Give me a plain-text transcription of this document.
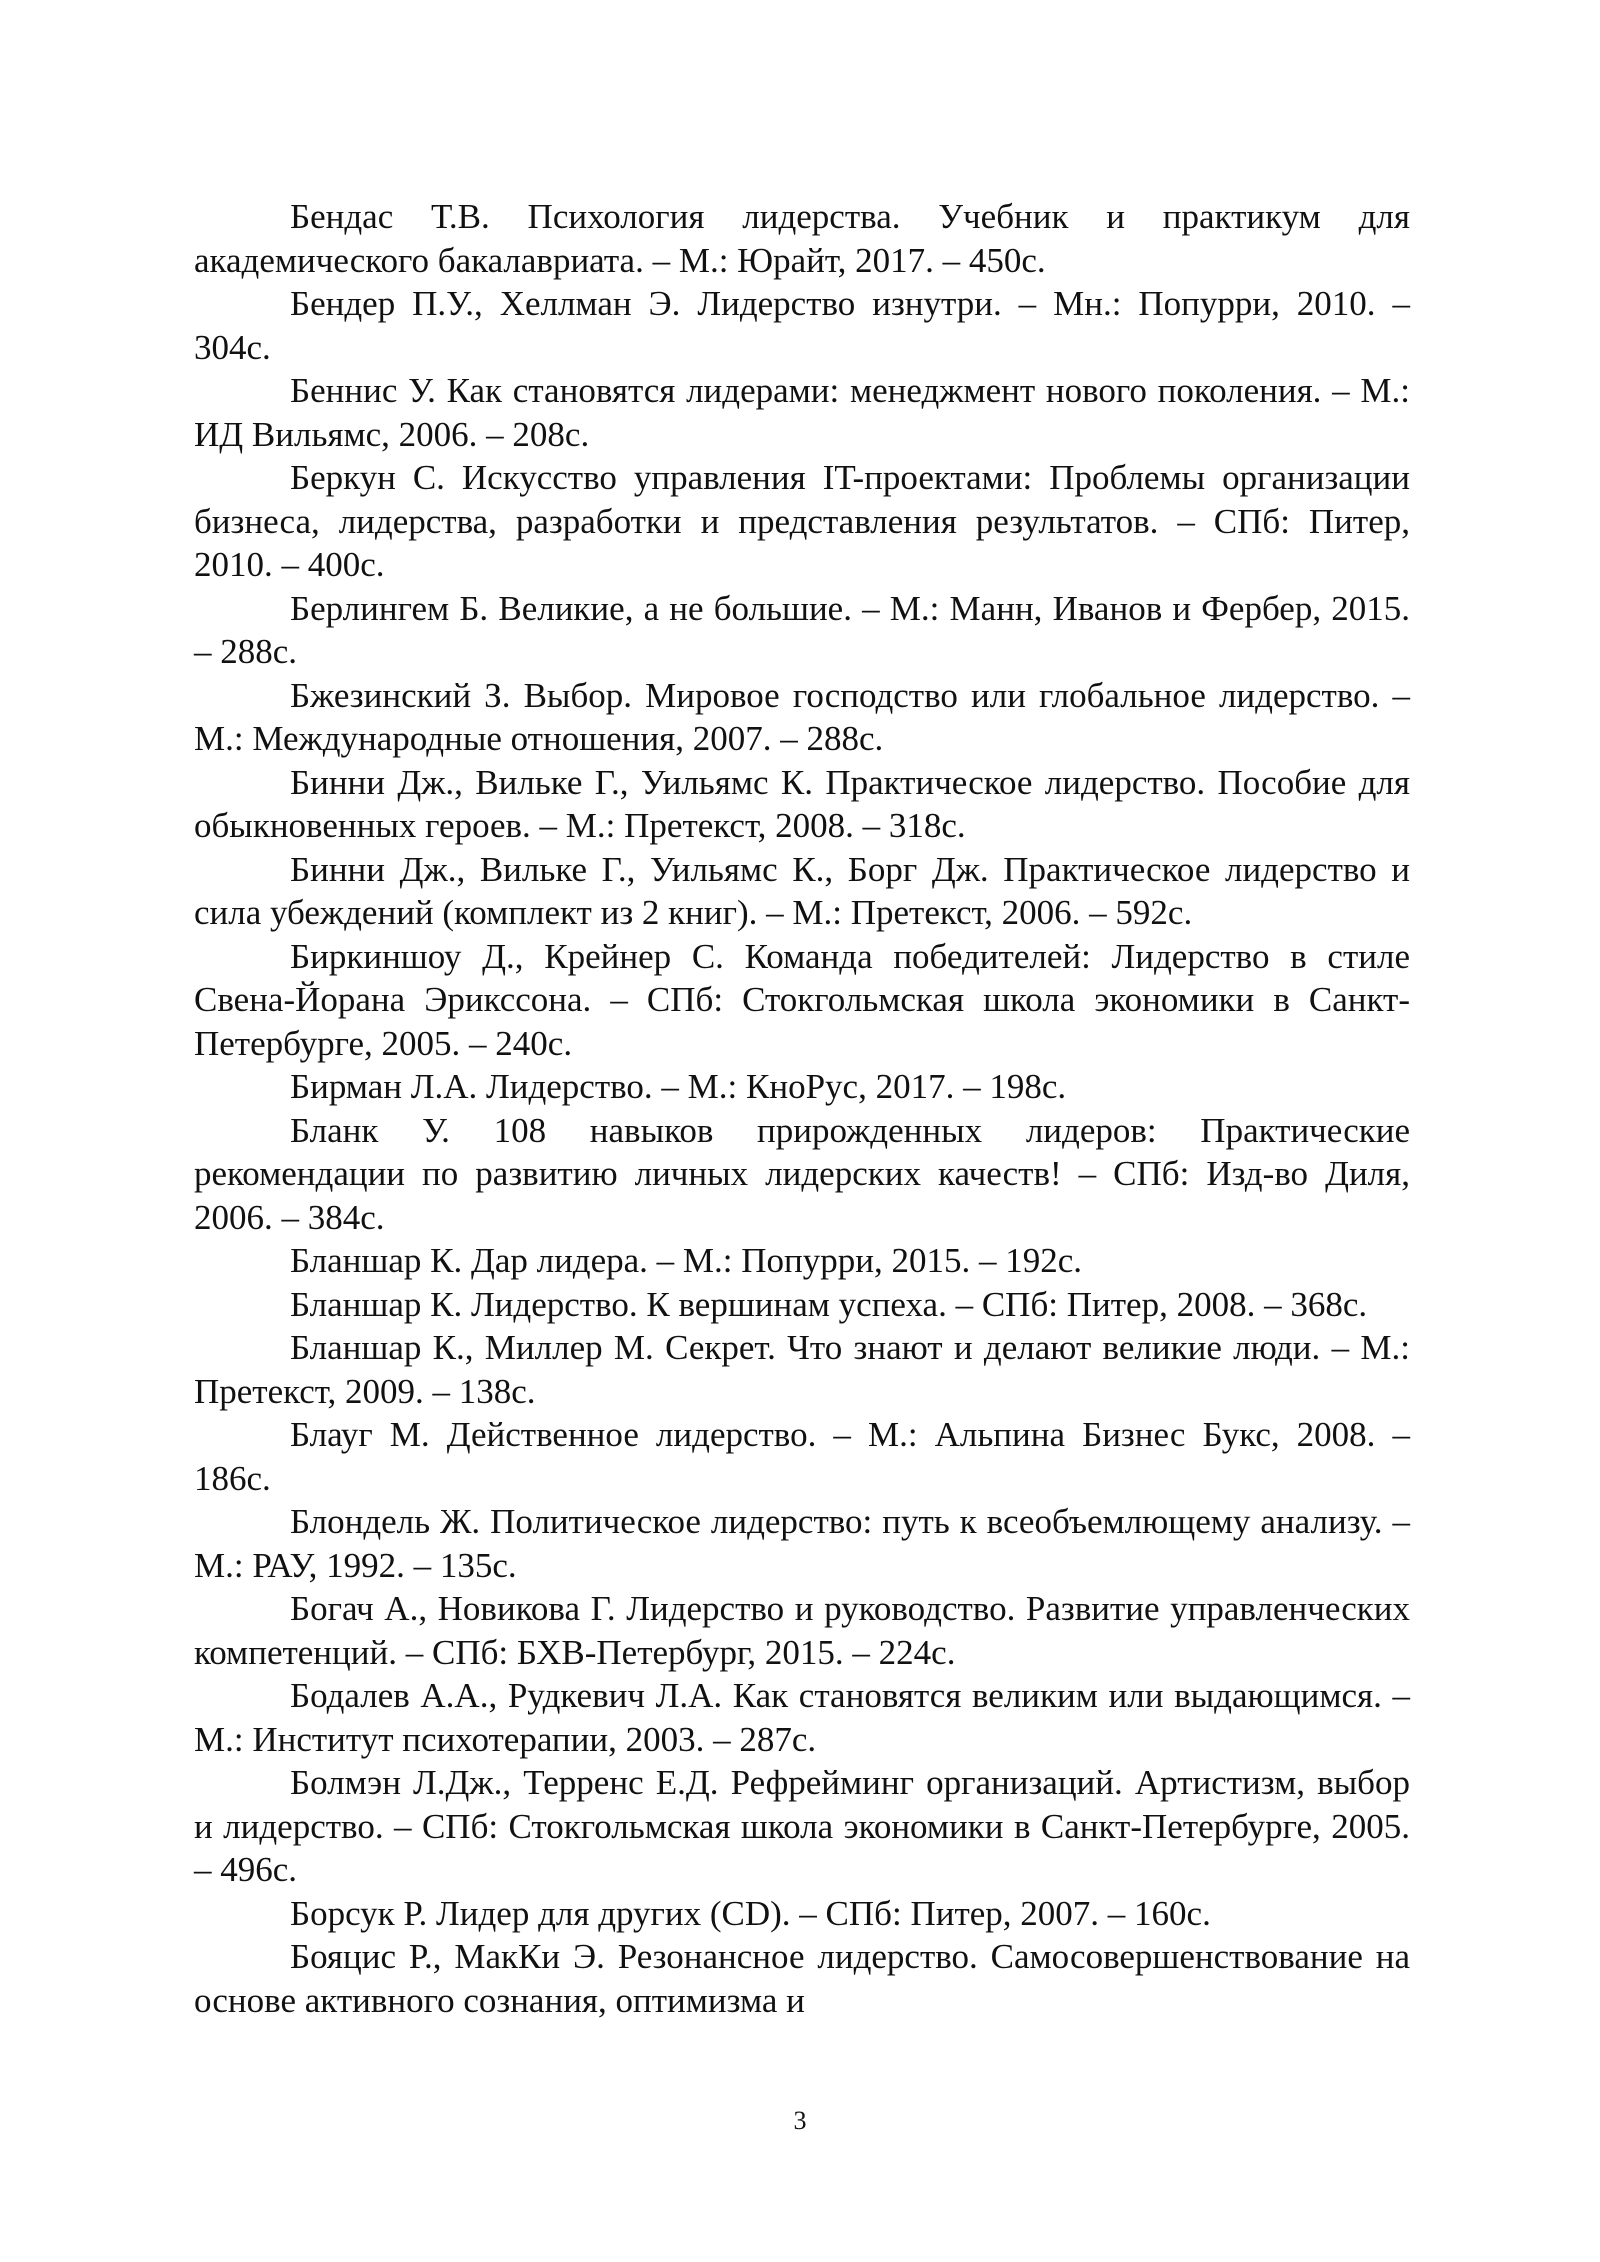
Бендас Т.В. Психология лидерства. Учебник и практикум для академического бакалавриата. – М.: Юрайт, 2017. – 450с.

Бендер П.У., Хеллман Э. Лидерство изнутри. – Мн.: Попурри, 2010. – 304с.

Беннис У. Как становятся лидерами: менеджмент нового поколения. – М.: ИД Вильямс, 2006. – 208с.

Беркун С. Искусство управления IT-проектами: Проблемы организации бизнеса, лидерства, разработки и представления результатов. – СПб: Питер, 2010. – 400с.

Берлингем Б. Великие, а не большие. – М.: Манн, Иванов и Фербер, 2015. – 288с.

Бжезинский З. Выбор. Мировое господство или глобальное лидерство. – М.: Международные отношения, 2007. – 288с.

Бинни Дж., Вильке Г., Уильямс К. Практическое лидерство. Пособие для обыкновенных героев. – М.: Претекст, 2008. – 318с.

Бинни Дж., Вильке Г., Уильямс К., Борг Дж. Практическое лидерство и сила убеждений (комплект из 2 книг). – М.: Претекст, 2006. – 592с.

Биркиншоу Д., Крейнер С. Команда победителей: Лидерство в стиле Свена-Йорана Эрикссона. – СПб: Стокгольмская школа экономики в Санкт-Петербурге, 2005. – 240с.

Бирман Л.А. Лидерство. – М.: КноРус, 2017. – 198с.

Бланк У. 108 навыков прирожденных лидеров: Практические рекомендации по развитию личных лидерских качеств! – СПб: Изд-во Диля, 2006. – 384с.

Бланшар К. Дар лидера. – М.: Попурри, 2015. – 192с.

Бланшар К. Лидерство. К вершинам успеха. – СПб: Питер, 2008. – 368с.

Бланшар К., Миллер М. Секрет. Что знают и делают великие люди. – М.: Претекст, 2009. – 138с.

Блауг М. Действенное лидерство. – М.: Альпина Бизнес Букс, 2008. – 186с.

Блондель Ж. Политическое лидерство: путь к всеобъемлющему анализу. – М.: РАУ, 1992. – 135с.

Богач А., Новикова Г. Лидерство и руководство. Развитие управленческих компетенций. – СПб: БХВ-Петербург, 2015. – 224с.

Бодалев А.А., Рудкевич Л.А. Как становятся великим или выдающимся. – М.: Институт психотерапии, 2003. – 287с.

Болмэн Л.Дж., Терренс Е.Д. Рефрейминг организаций. Артистизм, выбор и лидерство. – СПб: Стокгольмская школа экономики в Санкт-Петербурге, 2005. – 496с.

Борсук Р. Лидер для других (CD). – СПб: Питер, 2007. – 160с.

Бояцис Р., МакКи Э. Резонансное лидерство. Самосовершенствование на основе активного сознания, оптимизма и

3
